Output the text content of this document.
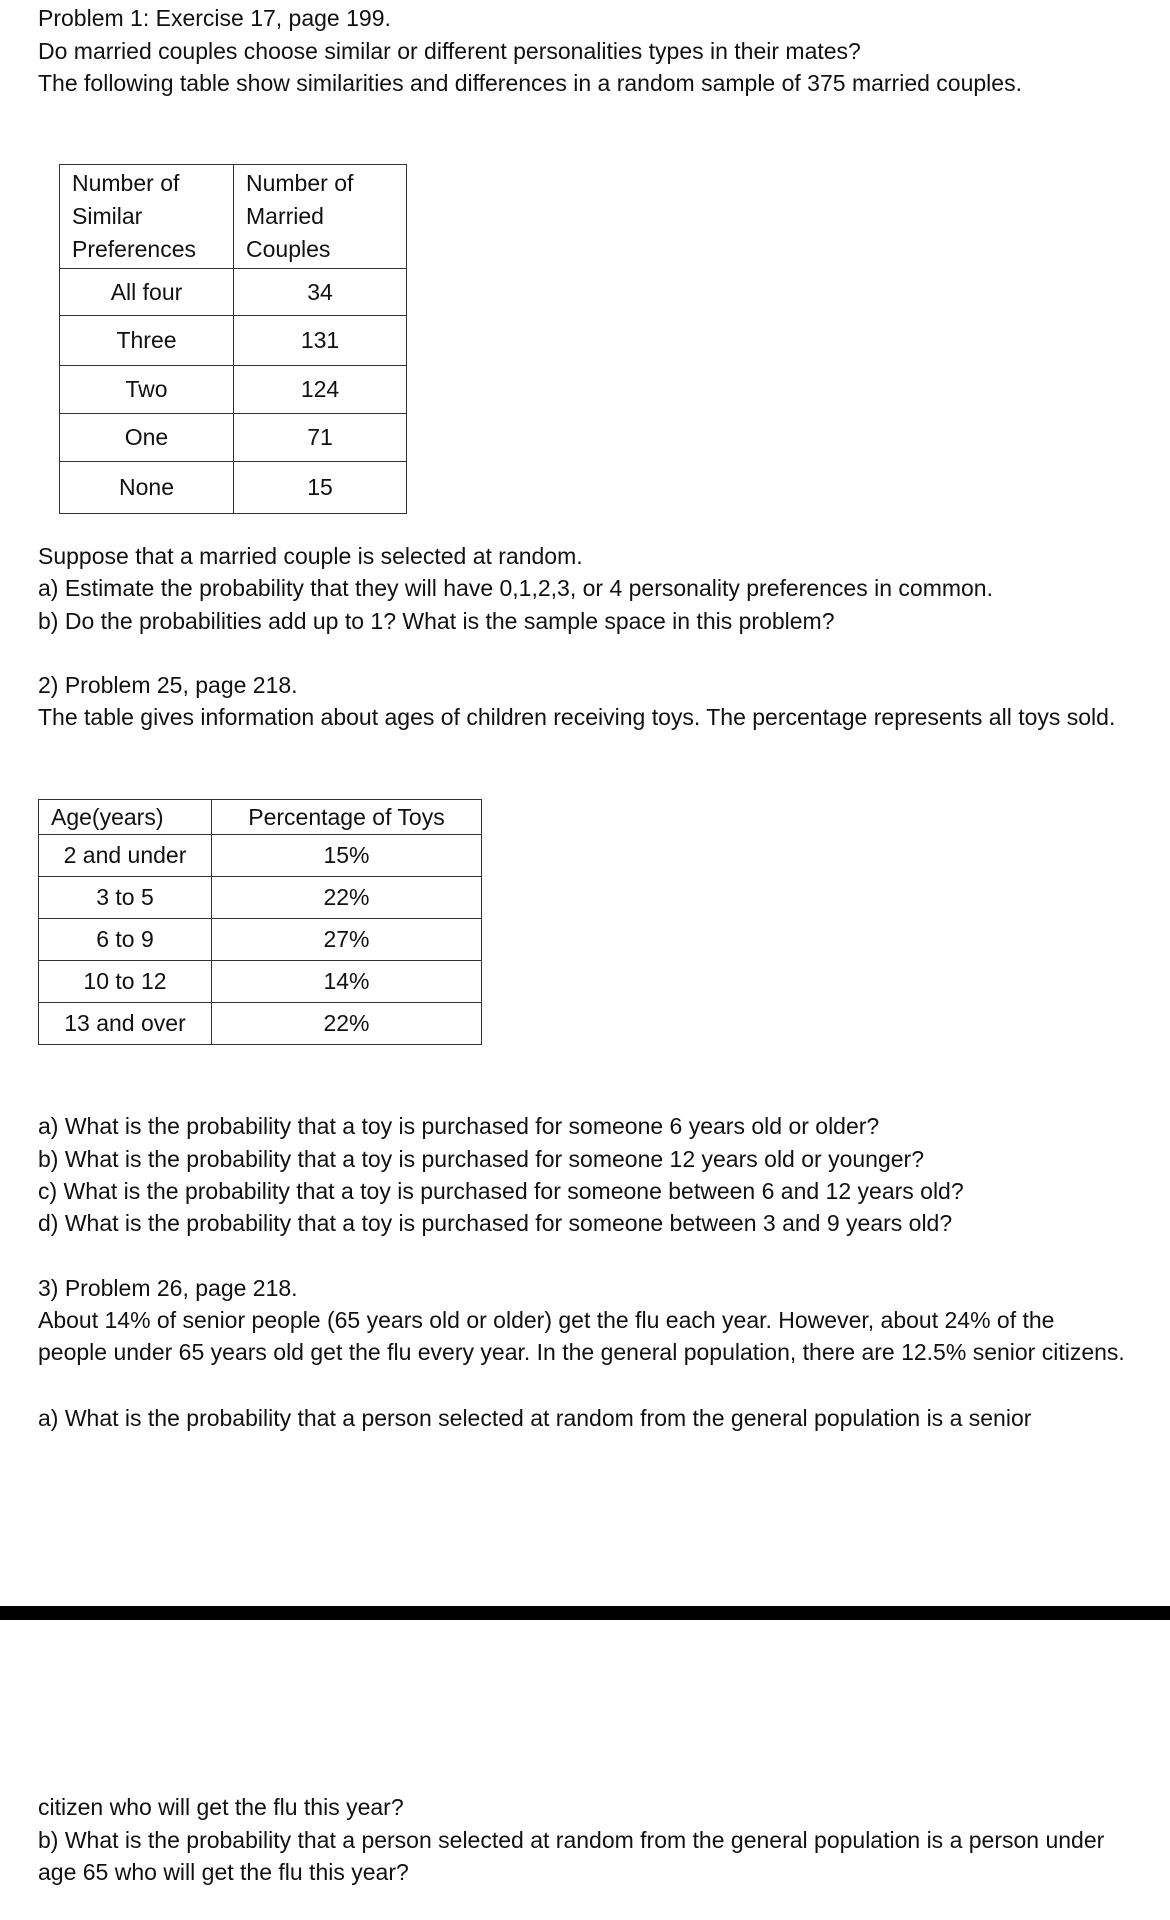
Problem 1: Exercise 17, page 199.
Do married couples choose similar or different personalities types in their mates?
The following table show similarities and differences in a random sample of 375 married couples.
Number of Similar Preferences	Number of Married Couples

All four	34
Three	131
Two	124
One	71
None	15
Suppose that a married couple is selected at random.
a) Estimate the probability that they will have 0,1,2,3, or 4 personality preferences in common.
b) Do the probabilities add up to 1? What is the sample space in this problem?
2) Problem 25, page 218.
The table gives information about ages of children receiving toys. The percentage represents all toys sold.
Age(years)	Percentage of Toys
2 and under	15%
3 to 5	22%
6 to 9	27%
10 to 12	14%
13 and over	22%
a) What is the probability that a toy is purchased for someone 6 years old or older?
b) What is the probability that a toy is purchased for someone 12 years old or younger?
c) What is the probability that a toy is purchased for someone between 6 and 12 years old?
d) What is the probability that a toy is purchased for someone between 3 and 9 years old?
3) Problem 26, page 218.
About 14% of senior people (65 years old or older) get the flu each year. However, about 24% of the people under 65 years old get the flu every year. In the general population, there are 12.5% senior citizens.
a) What is the probability that a person selected at random from the general population is a senior
citizen who will get the flu this year?
b) What is the probability that a person selected at random from the general population is a person under age 65 who will get the flu this year?
